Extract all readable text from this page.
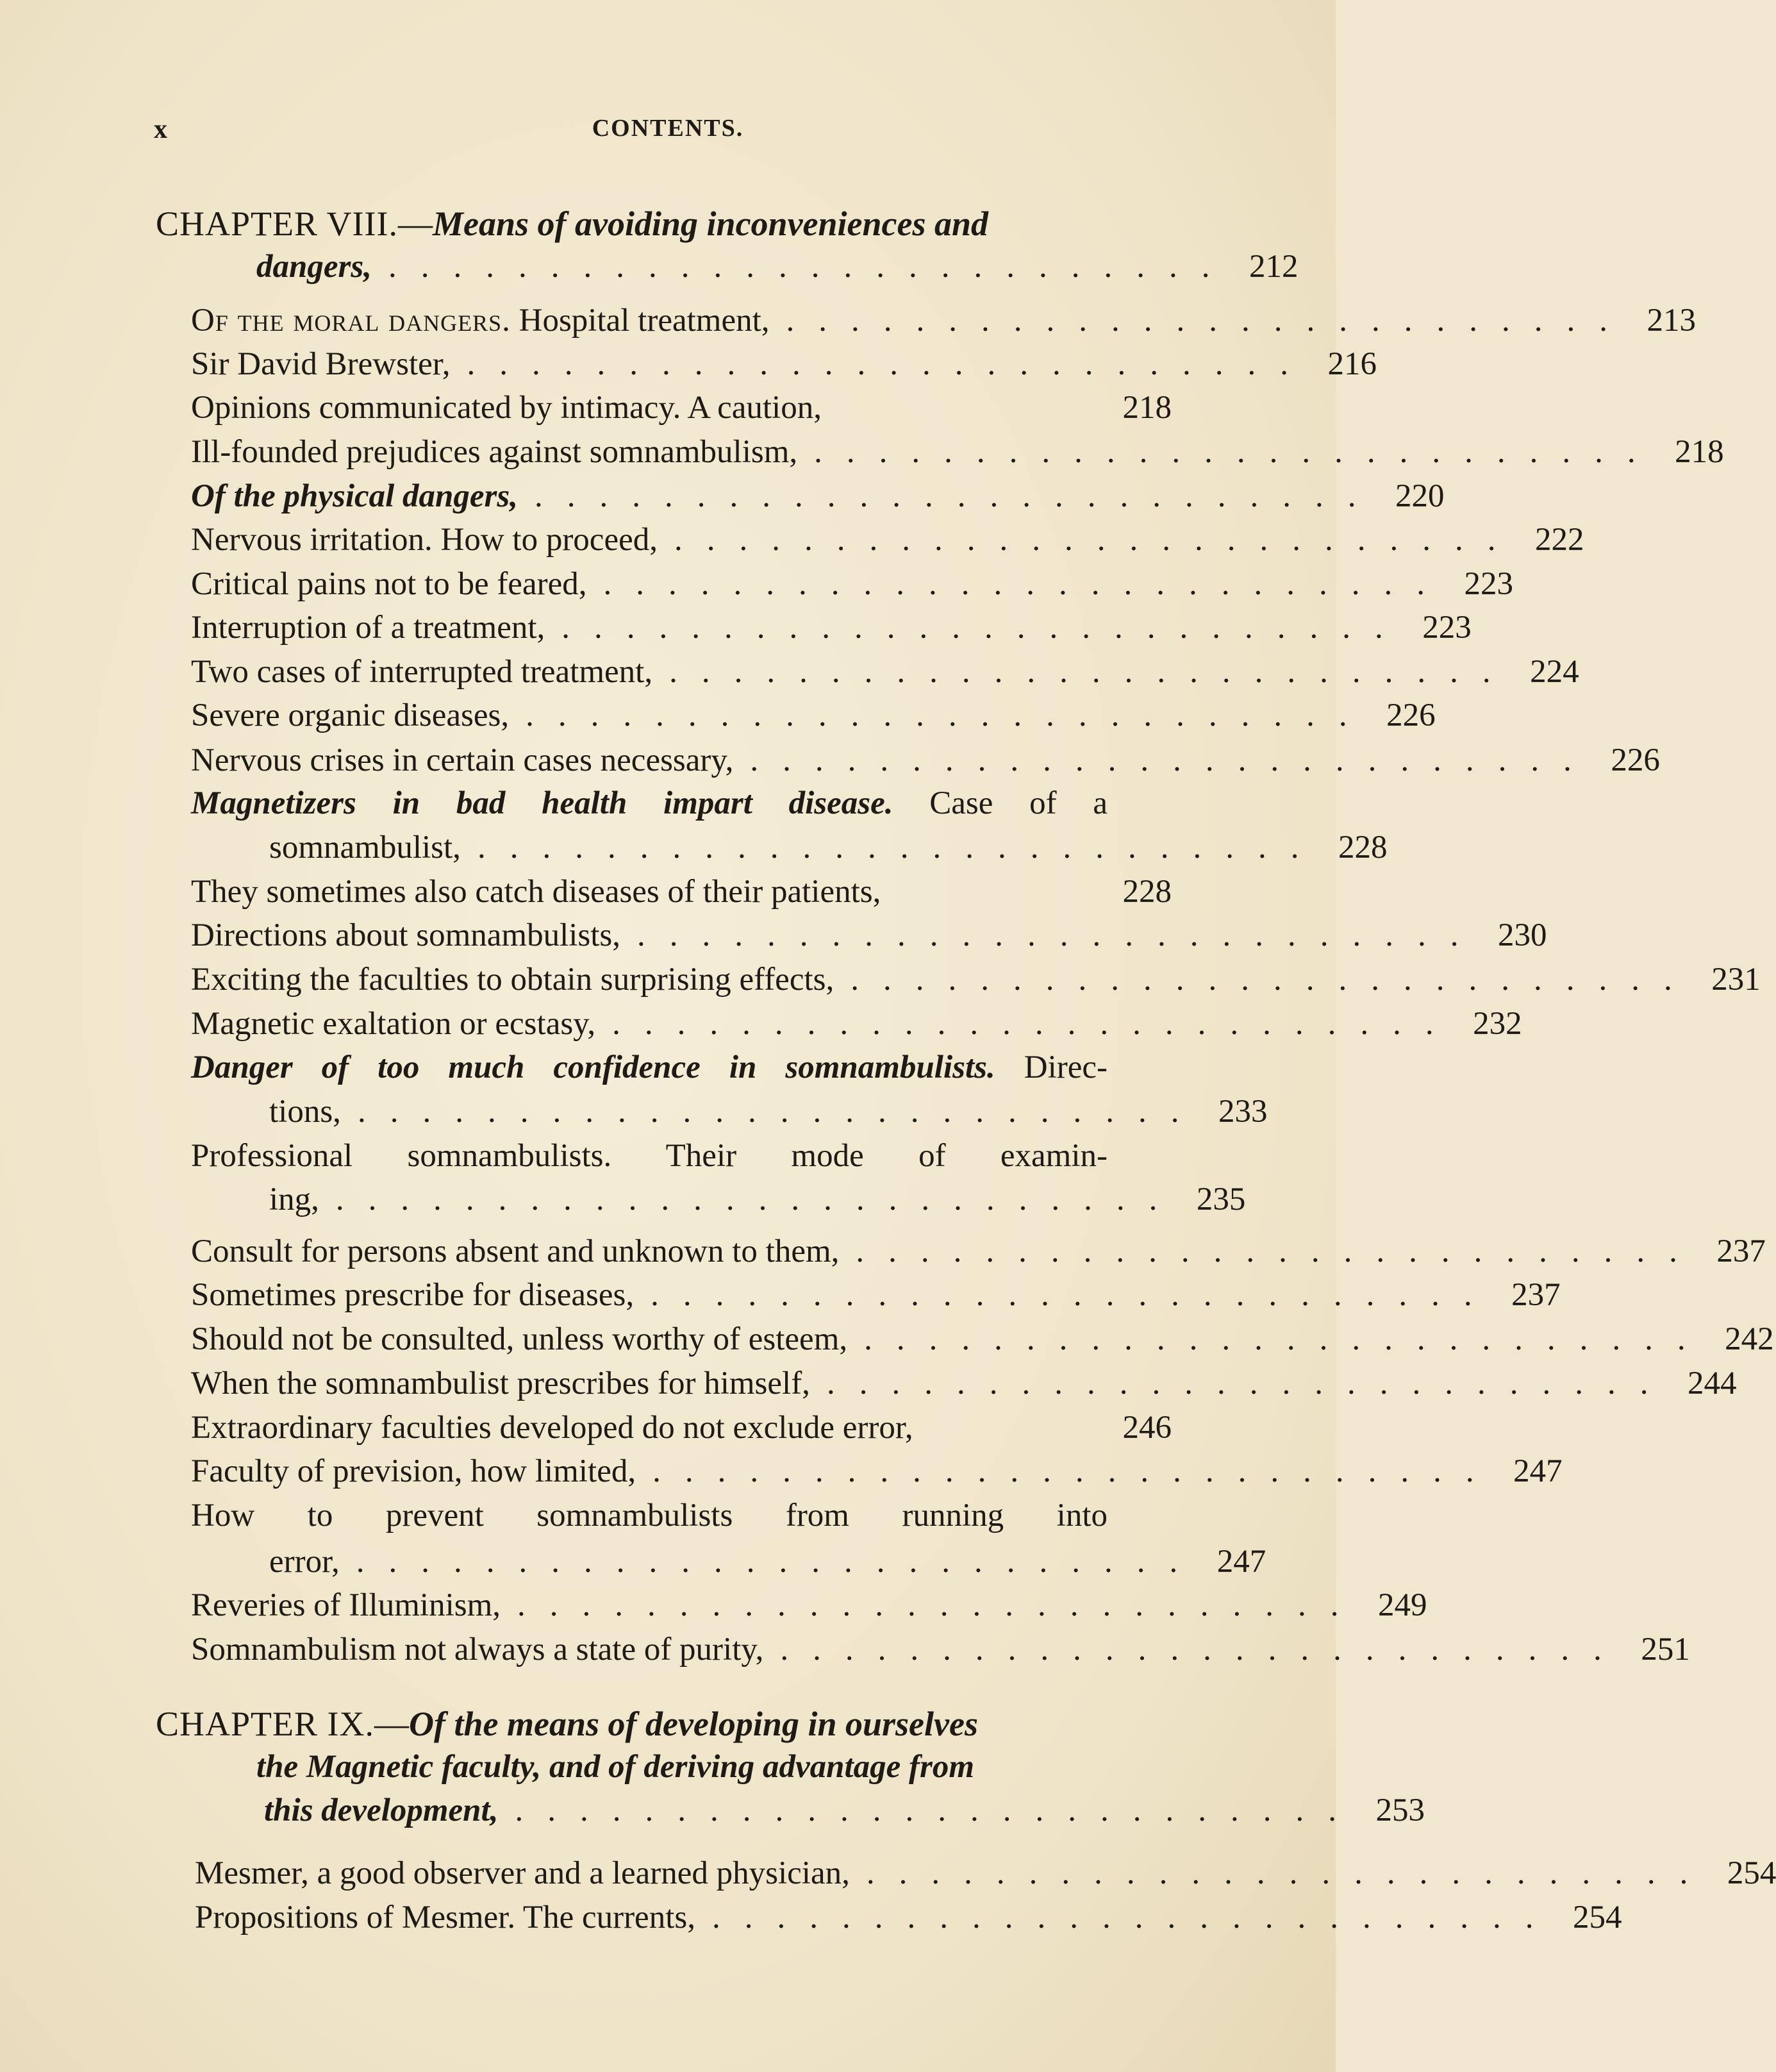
x	CONTENTS.
CHAPTER VIII.—Means of avoiding inconveniences and
dangers, .......................... 212
Of the moral dangers. Hospital treatment, .......................... 213
Sir David Brewster, .......................... 216
Opinions communicated by intimacy. A caution,	218
Ill-founded prejudices against somnambulism, .......................... 218
Of the physical dangers, .......................... 220
Nervous irritation. How to proceed, .......................... 222
Critical pains not to be feared, .......................... 223
Interruption of a treatment, .......................... 223
Two cases of interrupted treatment, .......................... 224
Severe organic diseases, .......................... 226
Nervous crises in certain cases necessary, .......................... 226
Magnetizers in bad health impart disease. Case of a
somnambulist, .......................... 228
They sometimes also catch diseases of their patients,	228
Directions about somnambulists, .......................... 230
Exciting the faculties to obtain surprising effects, .......................... 231
Magnetic exaltation or ecstasy, .......................... 232
Danger of too much confidence in somnambulists. Direc-
tions, .......................... 233
Professional somnambulists. Their mode of examin-
ing, .......................... 235
Consult for persons absent and unknown to them, .......................... 237
Sometimes prescribe for diseases, .......................... 237
Should not be consulted, unless worthy of esteem, .......................... 242
When the somnambulist prescribes for himself, .......................... 244
Extraordinary faculties developed do not exclude error,	246
Faculty of prevision, how limited, .......................... 247
How to prevent somnambulists from running into
error, .......................... 247
Reveries of Illuminism, .......................... 249
Somnambulism not always a state of purity, .......................... 251
CHAPTER IX.—Of the means of developing in ourselves
the Magnetic faculty, and of deriving advantage from
this development, .......................... 253
Mesmer, a good observer and a learned physician, .......................... 254
Propositions of Mesmer. The currents, .......................... 254
